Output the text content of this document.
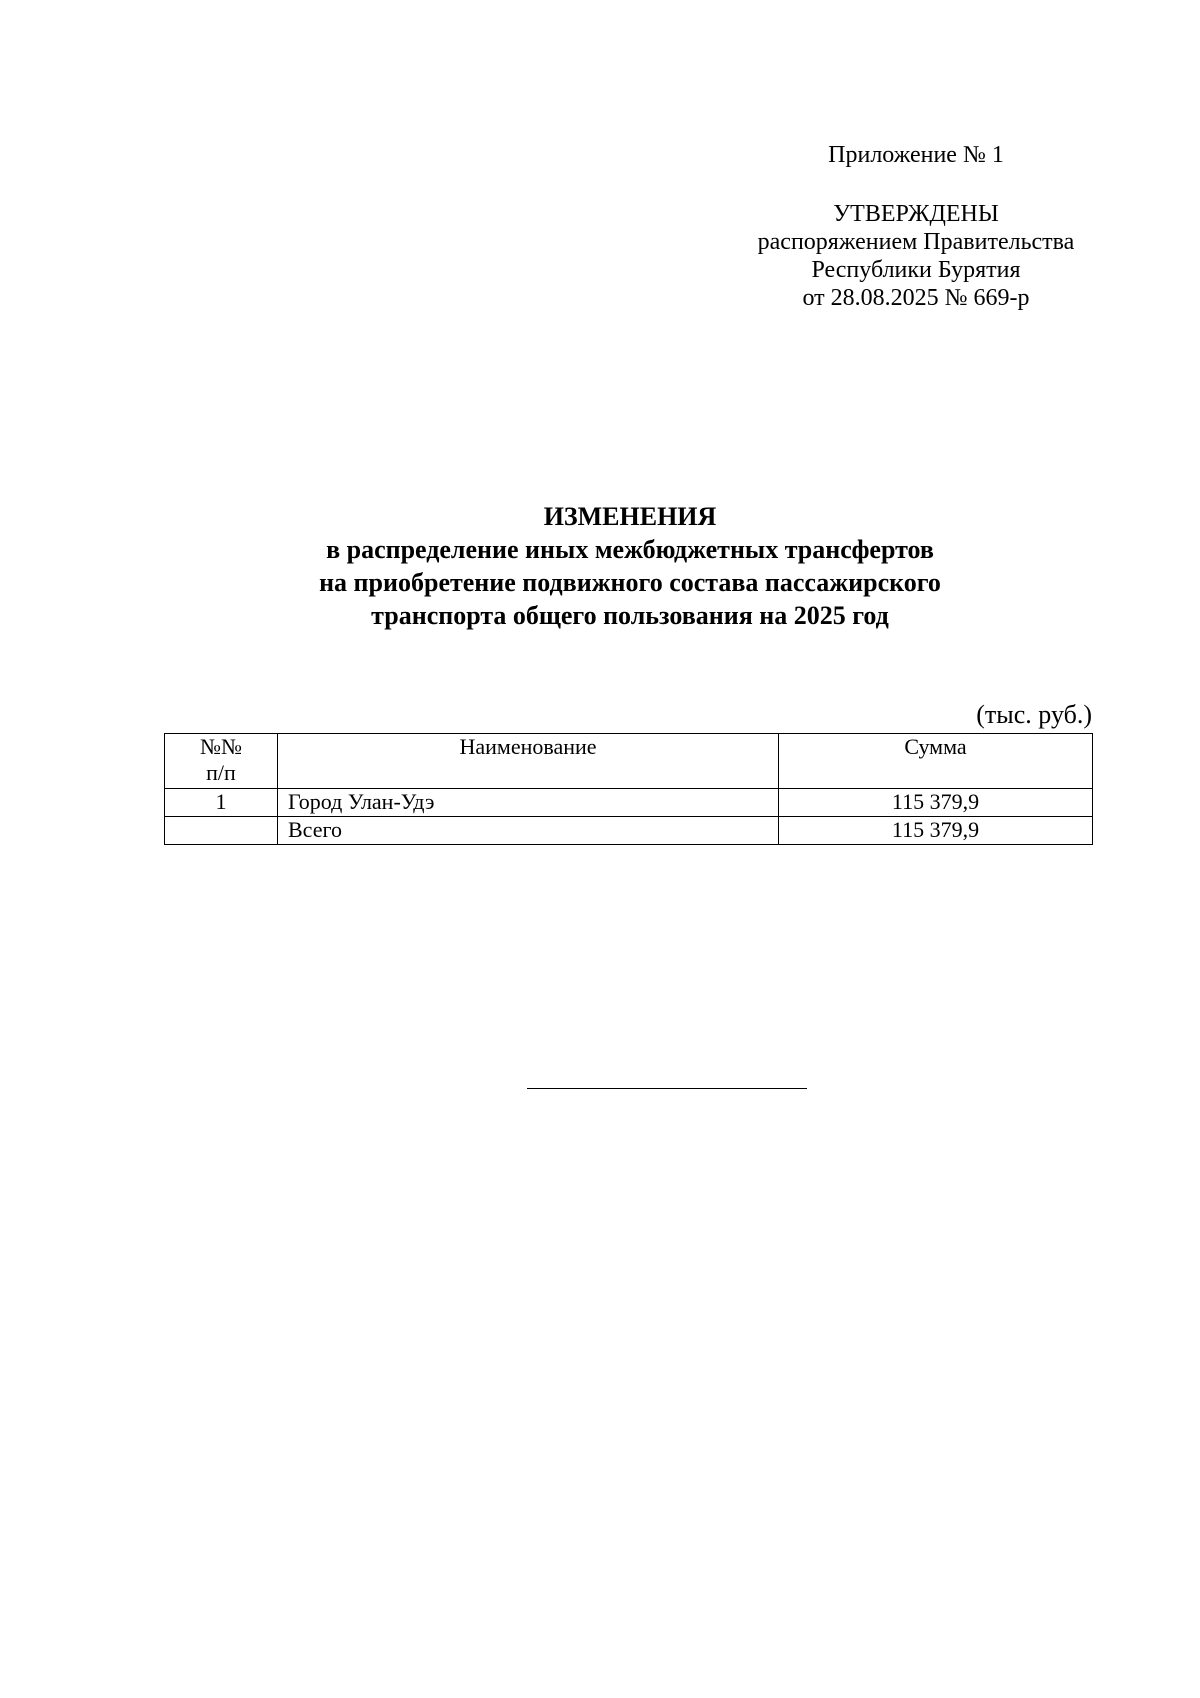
Приложение № 1
УТВЕРЖДЕНЫ
распоряжением Правительства
Республики Бурятия
от 28.08.2025 № 669-р
ИЗМЕНЕНИЯ
в распределение иных межбюджетных трансфертов
на приобретение подвижного состава пассажирского
транспорта общего пользования на 2025 год
(тыс. руб.)
№№
п/п	Наименование	Сумма
1	Город Улан-Удэ	115 379,9
	Всего	115 379,9
